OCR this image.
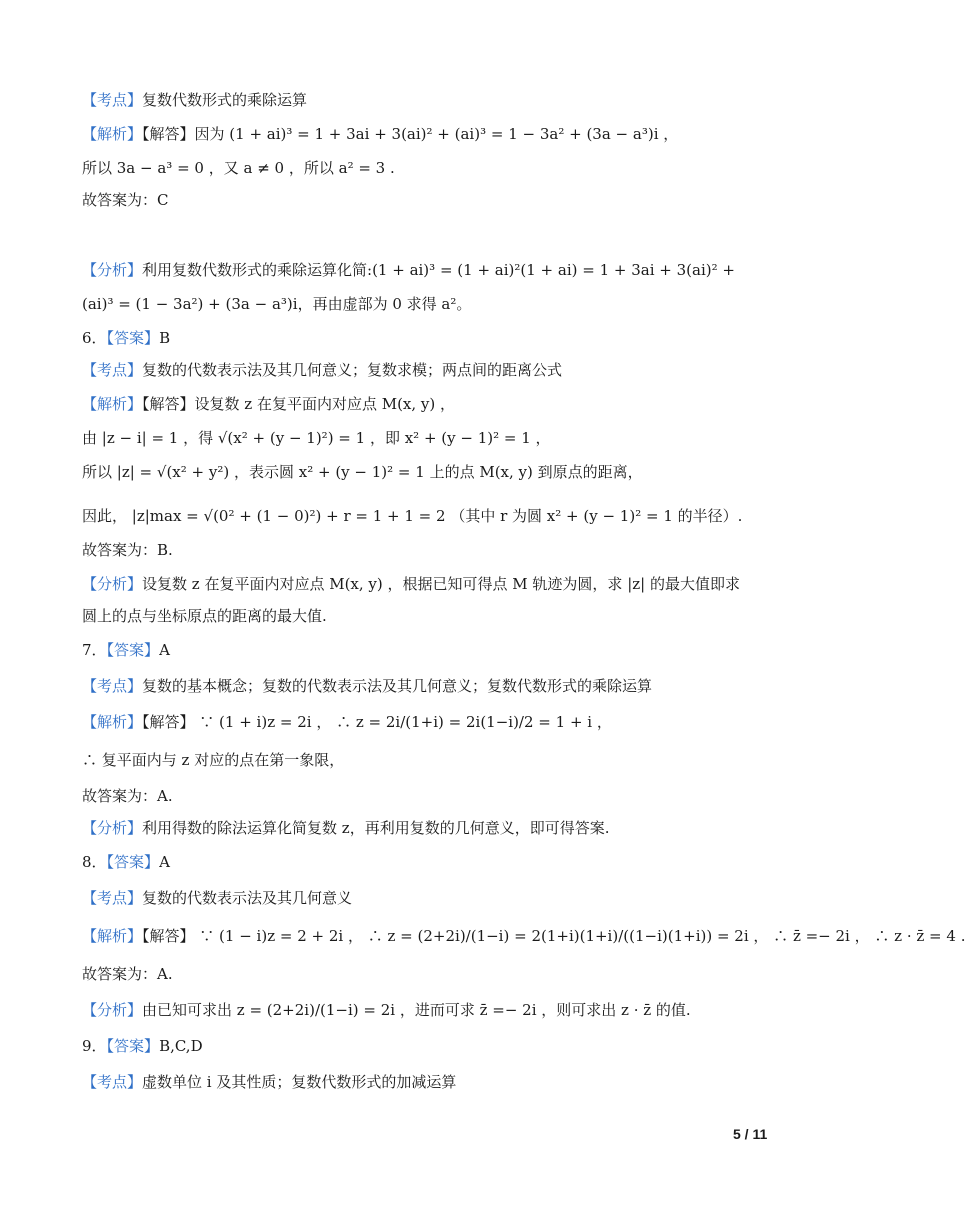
【考点】复数代数形式的乘除运算
【解析】【解答】因为 (1 + ai)³ = 1 + 3ai + 3(ai)² + (ai)³ = 1 − 3a² + (3a − a³)i ，
所以 3a − a³ = 0 ，又 a ≠ 0 ，所以 a² = 3 .
故答案为：C
【分析】利用复数代数形式的乘除运算化简:(1 + ai)³ = (1 + ai)²(1 + ai) = 1 + 3ai + 3(ai)² +
(ai)³ = (1 − 3a²) + (3a − a³)i，再由虚部为 0 求得 a²。
6．【答案】B
【考点】复数的代数表示法及其几何意义；复数求模；两点间的距离公式
【解析】【解答】设复数 z 在复平面内对应点 M(x, y) ，
由 |z − i| = 1 ，得 √(x² + (y − 1)²) = 1 ，即 x² + (y − 1)² = 1 ，
所以 |z| = √(x² + y²) ，表示圆 x² + (y − 1)² = 1 上的点 M(x, y) 到原点的距离，
因此， |z|max = √(0² + (1 − 0)²) + r = 1 + 1 = 2 （其中 r 为圆 x² + (y − 1)² = 1 的半径）.
故答案为：B.
【分析】设复数 z 在复平面内对应点 M(x, y) ，根据已知可得点 M 轨迹为圆，求 |z| 的最大值即求
圆上的点与坐标原点的距离的最大值.
7．【答案】A
【考点】复数的基本概念；复数的代数表示法及其几何意义；复数代数形式的乘除运算
【解析】【解答】 ∵ (1 + i)z = 2i ， ∴ z = 2i/(1+i) = 2i(1−i)/2 = 1 + i ，
∴ 复平面内与 z 对应的点在第一象限，
故答案为：A.
【分析】利用得数的除法运算化简复数 z，再利用复数的几何意义，即可得答案.
8．【答案】A
【考点】复数的代数表示法及其几何意义
【解析】【解答】 ∵ (1 − i)z = 2 + 2i ， ∴ z = (2+2i)/(1−i) = 2(1+i)(1+i)/((1−i)(1+i)) = 2i ， ∴ z̄ =− 2i ， ∴ z · z̄ = 4 .
故答案为：A.
【分析】由已知可求出 z = (2+2i)/(1−i) = 2i ，进而可求 z̄ =− 2i ，则可求出 z · z̄ 的值.
9．【答案】B,C,D
【考点】虚数单位 i 及其性质；复数代数形式的加减运算
5 / 11
